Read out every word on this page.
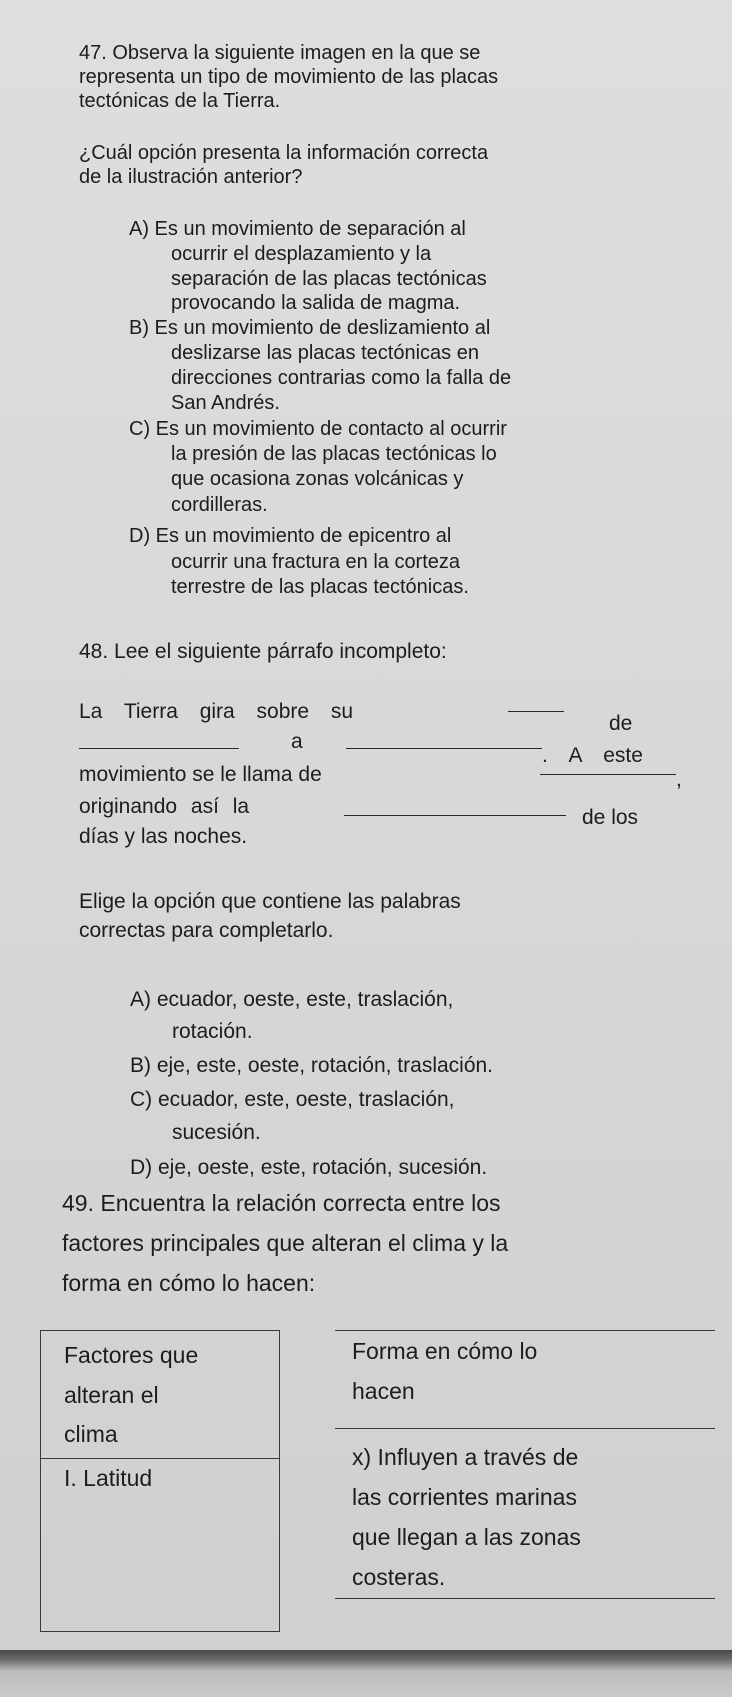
47. Observa la siguiente imagen en la que se
representa un tipo de movimiento de las placas
tectónicas de la Tierra.
¿Cuál opción presenta la información correcta
de la ilustración anterior?
A) Es un movimiento de separación al
ocurrir el desplazamiento y la
separación de las placas tectónicas
provocando la salida de magma.
B) Es un movimiento de deslizamiento al
deslizarse las placas tectónicas en
direcciones contrarias como la falla de
San Andrés.
C) Es un movimiento de contacto al ocurrir
la presión de las placas tectónicas lo
que ocasiona zonas volcánicas y
cordilleras.
D) Es un movimiento de epicentro al
ocurrir una fractura en la corteza
terrestre de las placas tectónicas.
48. Lee el siguiente párrafo incompleto:
La Tierra gira sobre su
de
a
. A este
movimiento se le llama de	,
originando así la	de los
días y las noches.
Elige la opción que contiene las palabras
correctas para completarlo.
A) ecuador, oeste, este, traslación,
rotación.
B) eje, este, oeste, rotación, traslación.
C) ecuador, este, oeste, traslación,
sucesión.
D) eje, oeste, este, rotación, sucesión.
49. Encuentra la relación correcta entre los
factores principales que alteran el clima y la
forma en cómo lo hacen:
Factores que
alteran el
clima
I. Latitud
Forma en cómo lo
hacen
x) Influyen a través de
las corrientes marinas
que llegan a las zonas
costeras.
